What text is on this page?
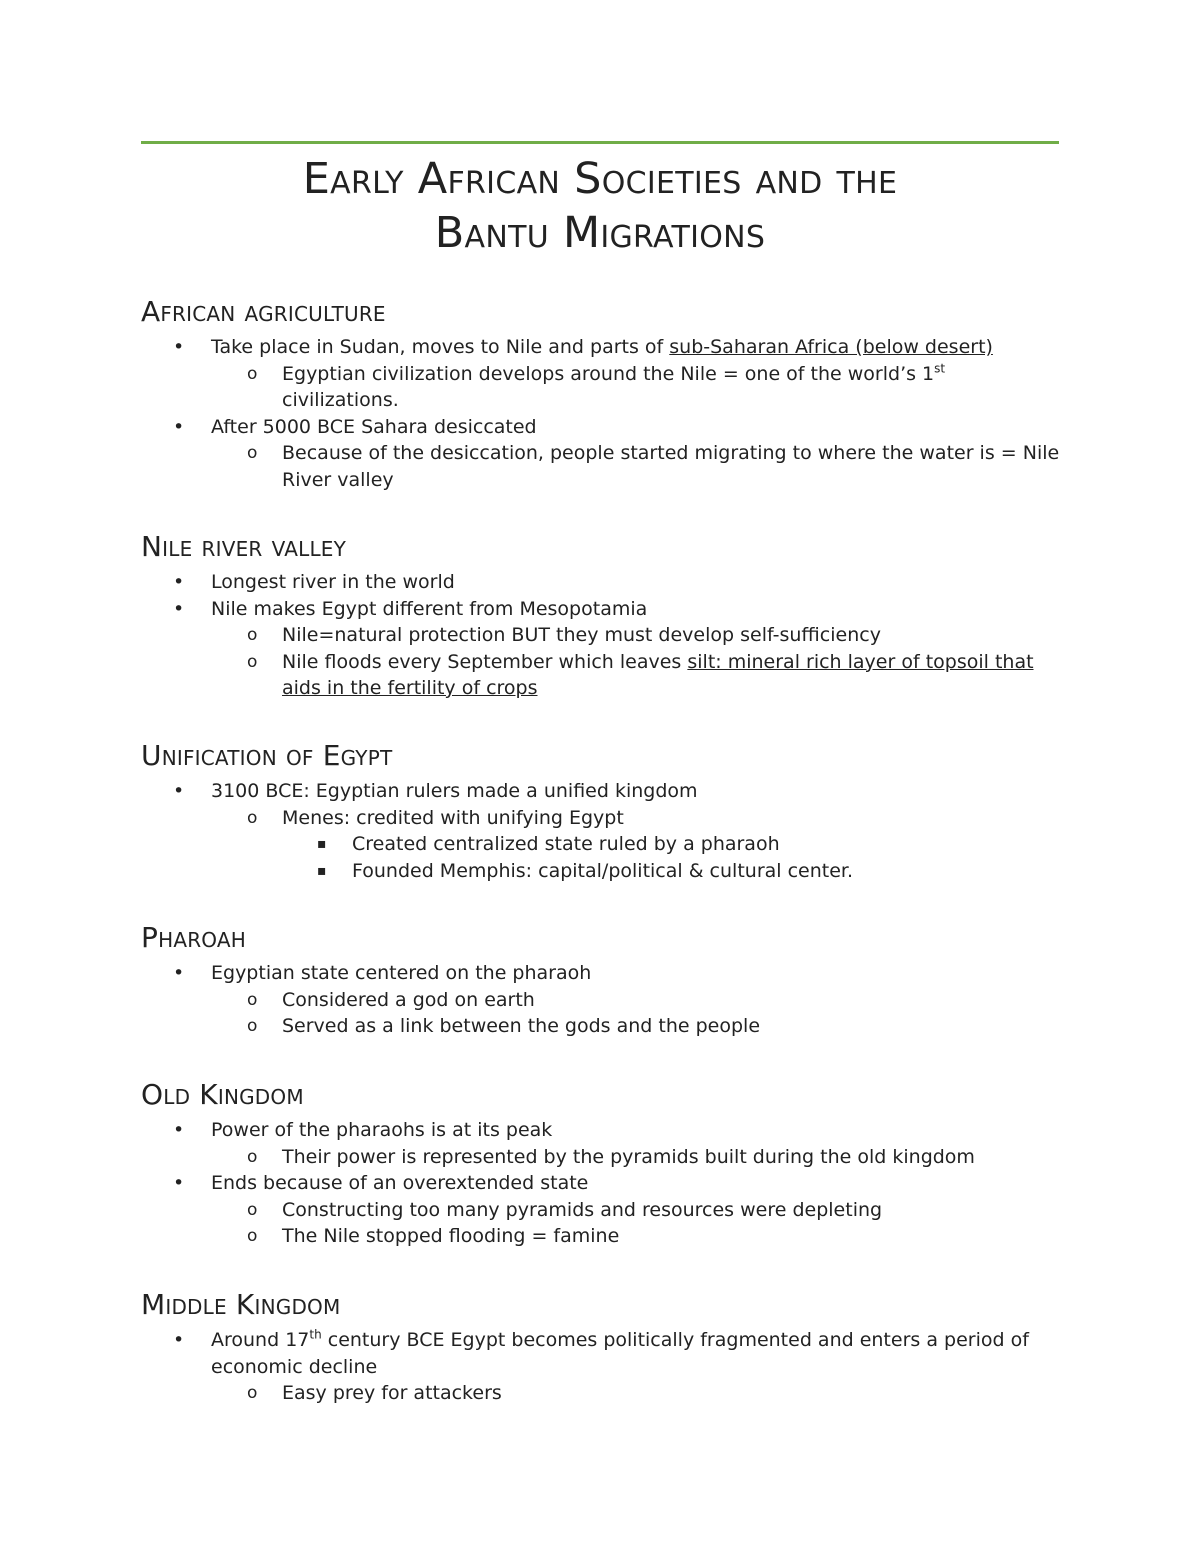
Early African Societies and the
Bantu Migrations
African agriculture
• Take place in Sudan, moves to Nile and parts of sub-Saharan Africa (below desert)
o Egyptian civilization develops around the Nile = one of the world’s 1st
civilizations.
• After 5000 BCE Sahara desiccated
o Because of the desiccation, people started migrating to where the water is = Nile River valley
Nile river valley
• Longest river in the world
• Nile makes Egypt different from Mesopotamia
o Nile=natural protection BUT they must develop self-sufficiency
o Nile floods every September which leaves silt: mineral rich layer of topsoil that aids in the fertility of crops
Unification of Egypt
• 3100 BCE: Egyptian rulers made a unified kingdom
o Menes: credited with unifying Egypt
▪ Created centralized state ruled by a pharaoh
▪ Founded Memphis: capital/political & cultural center.
Pharoah
• Egyptian state centered on the pharaoh
o Considered a god on earth
o Served as a link between the gods and the people
Old Kingdom
• Power of the pharaohs is at its peak
o Their power is represented by the pyramids built during the old kingdom
• Ends because of an overextended state
o Constructing too many pyramids and resources were depleting
o The Nile stopped flooding = famine
Middle Kingdom
• Around 17th century BCE Egypt becomes politically fragmented and enters a period of economic decline
o Easy prey for attackers
